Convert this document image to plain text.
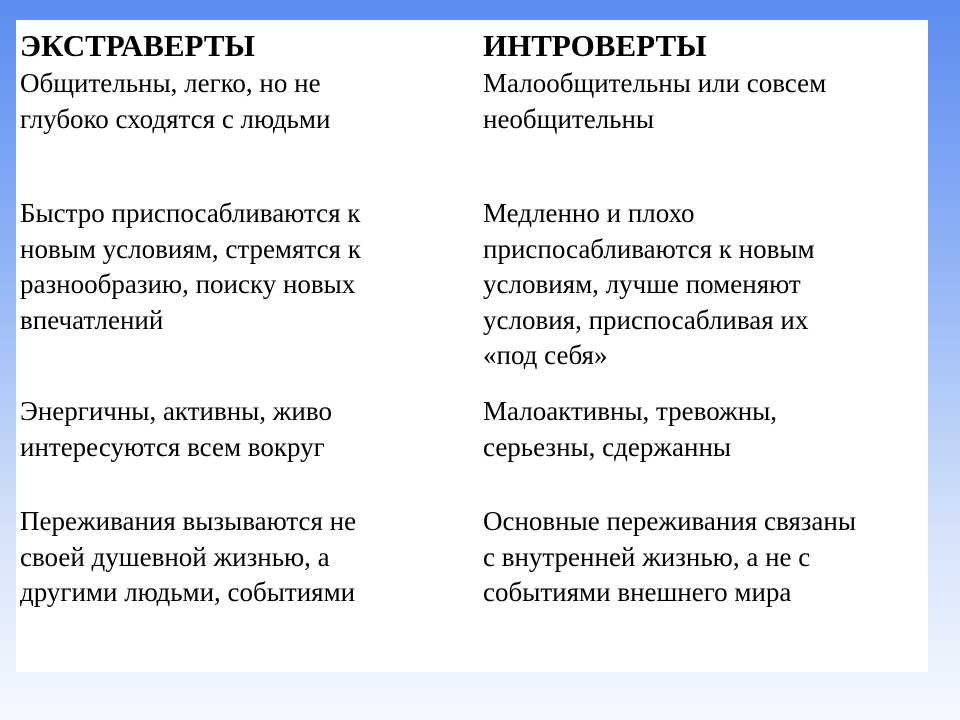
ЭКСТРАВЕРТЫ
Общительны, легко, но не
глубоко сходятся с людьми
Быстро приспосабливаются к
новым условиям, стремятся к
разнообразию, поиску новых
впечатлений
Энергичны, активны, живо
интересуются всем вокруг
Переживания вызываются не
своей душевной жизнью, а
другими людьми, событиями
ИНТРОВЕРТЫ
Малообщительны или совсем
необщительны
Медленно и плохо
приспосабливаются к новым
условиям, лучше поменяют
условия, приспосабливая их
«под себя»
Малоактивны, тревожны,
серьезны, сдержанны
Основные переживания связаны
с внутренней жизнью, а не с
событиями внешнего мира
